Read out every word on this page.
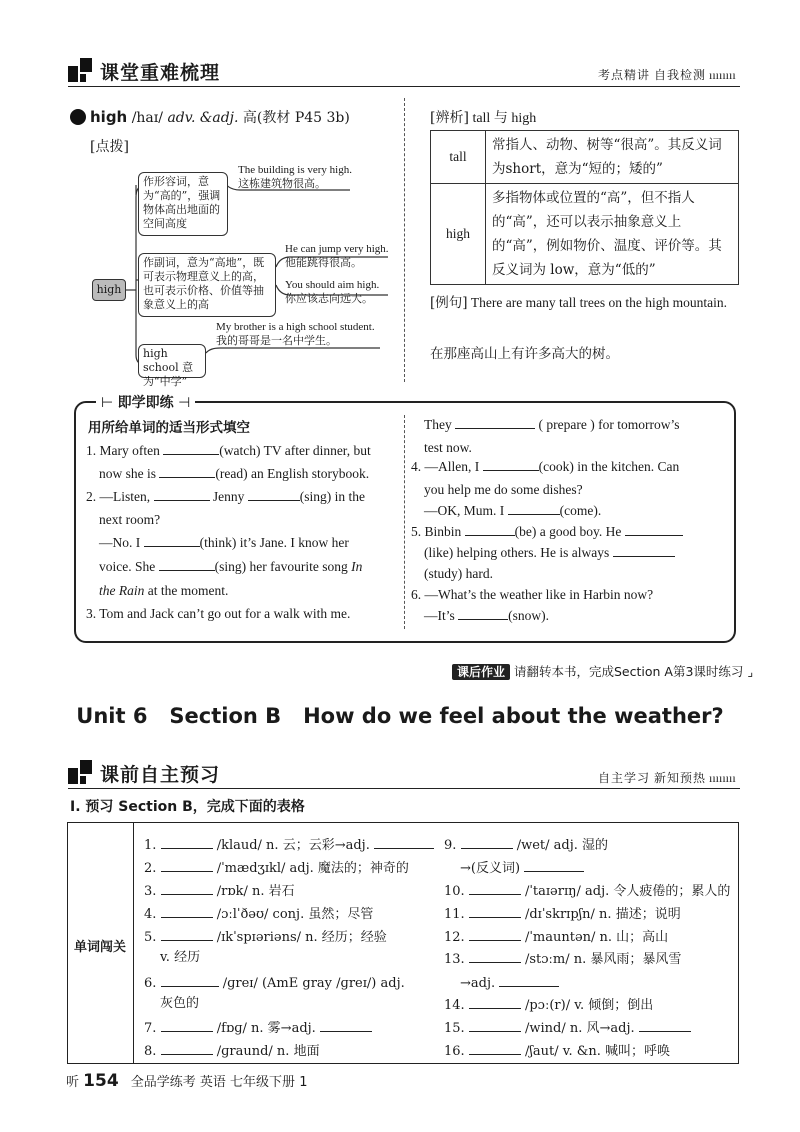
课堂重难梳理	考点精讲 自我检测 ıııııııı
high /haɪ/ adv. &adj. 高(教材 P45 3b)
[点拨]
high
作形容词，意为“高的”，强调物体高出地面的空间高度
The building is very high.
这栋建筑物很高。
作副词，意为“高地”，既可表示物理意义上的高，也可表示价格、价值等抽象意义上的高
He can jump very high.
他能跳得很高。
You should aim high.
你应该志向远大。
high school 意为“中学”
My brother is a high school student.
我的哥哥是一名中学生。
[辨析] tall 与 high
tall	常指人、动物、树等“很高”。其反义词为short，意为“短的；矮的”
high	多指物体或位置的“高”，但不指人的“高”，还可以表示抽象意义上的“高”，例如物价、温度、评价等。其反义词为 low，意为“低的”
[例句] There are many tall trees on the high mountain.
在那座高山上有许多高大的树。
⊢ 即学即练 ⊣
用所给单词的适当形式填空
1. Mary often	(watch) TV after dinner, but
now she is	(read) an English storybook.
2. —Listen,	Jenny	(sing) in the
next room?
—No. I	(think) it’s Jane. I know her
voice. She	(sing) her favourite song In
the Rain at the moment.
3. Tom and Jack can’t go out for a walk with me.
They	( prepare ) for tomorrow’s
test now.
4. —Allen, I	(cook) in the kitchen. Can
you help me do some dishes?
—OK, Mum. I	(come).
5. Binbin	(be) a good boy. He
(like) helping others. He is always
(study) hard.
6. —What’s the weather like in Harbin now?
—It’s	(snow).
课后作业 请翻转本书，完成Section A第3课时练习 ⌟
Unit 6   Section B   How do we feel about the weather?
课前自主预习	自主学习 新知预热 ıııııııı
Ⅰ. 预习 Section B，完成下面的表格
单词闯关
1.	/klaud/ n. 云；云彩→adj.
2.	/ˈmædʒɪkl/ adj. 魔法的；神奇的
3.	/rɒk/ n. 岩石
4.	/ɔːlˈðəʊ/ conj. 虽然；尽管
5.	/ɪkˈspɪəriəns/ n. 经历；经验
v. 经历
6.	/ɡreɪ/ (AmE gray /ɡreɪ/) adj.
灰色的
7.	/fɒɡ/ n. 雾→adj.
8.	/ɡraund/ n. 地面
9.	/wet/ adj. 湿的
→(反义词)
10.	/ˈtaɪərɪŋ/ adj. 令人疲倦的；累人的
11.	/dɪˈskrɪpʃn/ n. 描述；说明
12.	/ˈmauntən/ n. 山；高山
13.	/stɔːm/ n. 暴风雨；暴风雪
→adj.
14.	/pɔː(r)/ v. 倾倒；倒出
15.	/wind/ n. 风→adj.
16.	/ʃaut/ v. &n. 喊叫；呼唤
听 154 全品学练考 英语 七年级下册 1
